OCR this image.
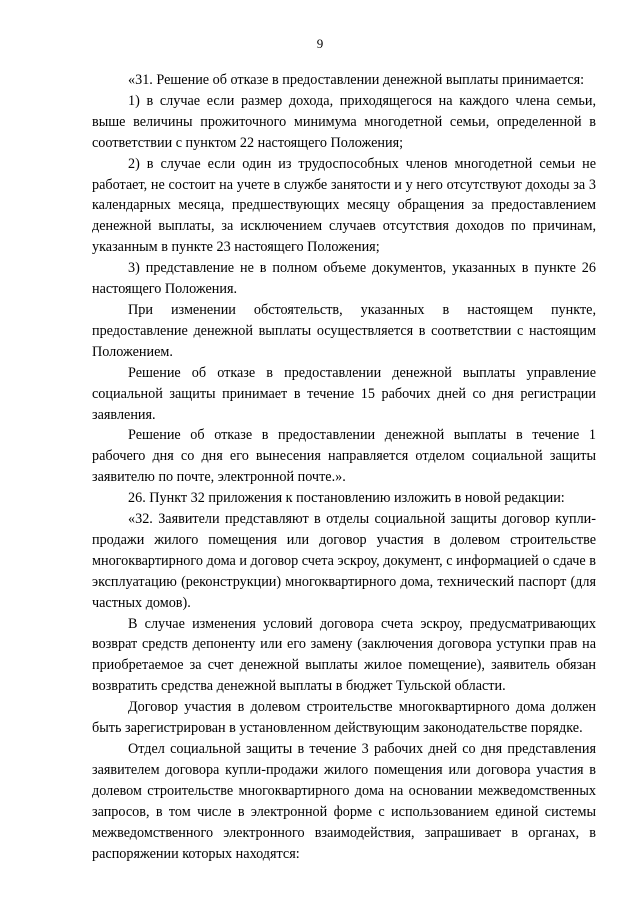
9

«31. Решение об отказе в предоставлении денежной выплаты принимается:

1) в случае если размер дохода, приходящегося на каждого члена семьи, выше величины прожиточного минимума многодетной семьи, определенной в соответствии с пунктом 22 настоящего Положения;

2) в случае если один из трудоспособных членов многодетной семьи не работает, не состоит на учете в службе занятости и у него отсутствуют доходы за 3 календарных месяца, предшествующих месяцу обращения за предоставлением денежной выплаты, за исключением случаев отсутствия доходов по причинам, указанным в пункте 23 настоящего Положения;

3) представление не в полном объеме документов, указанных в пункте 26 настоящего Положения.

При изменении обстоятельств, указанных в настоящем пункте, предоставление денежной выплаты осуществляется в соответствии с настоящим Положением.

Решение об отказе в предоставлении денежной выплаты управление социальной защиты принимает в течение 15 рабочих дней со дня регистрации заявления.

Решение об отказе в предоставлении денежной выплаты в течение 1 рабочего дня со дня его вынесения направляется отделом социальной защиты заявителю по почте, электронной почте.».

26. Пункт 32 приложения к постановлению изложить в новой редакции:

«32. Заявители представляют в отделы социальной защиты договор купли-продажи жилого помещения или договор участия в долевом строительстве многоквартирного дома и договор счета эскроу, документ, с информацией о сдаче в эксплуатацию (реконструкции) многоквартирного дома, технический паспорт (для частных домов).

В случае изменения условий договора счета эскроу, предусматривающих возврат средств депоненту или его замену (заключения договора уступки прав на приобретаемое за счет денежной выплаты жилое помещение), заявитель обязан возвратить средства денежной выплаты в бюджет Тульской области.

Договор участия в долевом строительстве многоквартирного дома должен быть зарегистрирован в установленном действующим законодательстве порядке.

Отдел социальной защиты в течение 3 рабочих дней со дня представления заявителем договора купли-продажи жилого помещения или договора участия в долевом строительстве многоквартирного дома на основании межведомственных запросов, в том числе в электронной форме с использованием единой системы межведомственного электронного взаимодействия, запрашивает в органах, в распоряжении которых находятся:
